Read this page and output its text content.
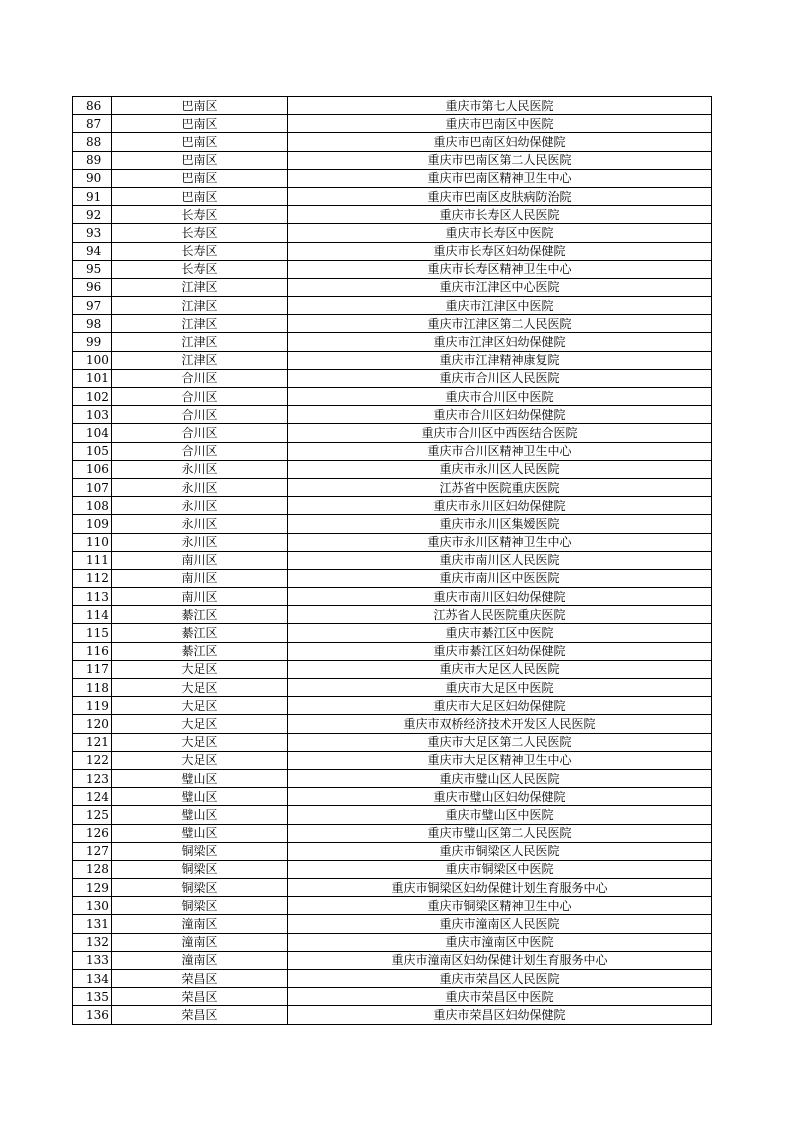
86	巴南区	重庆市第七人民医院
87	巴南区	重庆市巴南区中医院
88	巴南区	重庆市巴南区妇幼保健院
89	巴南区	重庆市巴南区第二人民医院
90	巴南区	重庆市巴南区精神卫生中心
91	巴南区	重庆市巴南区皮肤病防治院
92	长寿区	重庆市长寿区人民医院
93	长寿区	重庆市长寿区中医院
94	长寿区	重庆市长寿区妇幼保健院
95	长寿区	重庆市长寿区精神卫生中心
96	江津区	重庆市江津区中心医院
97	江津区	重庆市江津区中医院
98	江津区	重庆市江津区第二人民医院
99	江津区	重庆市江津区妇幼保健院
100	江津区	重庆市江津精神康复院
101	合川区	重庆市合川区人民医院
102	合川区	重庆市合川区中医院
103	合川区	重庆市合川区妇幼保健院
104	合川区	重庆市合川区中西医结合医院
105	合川区	重庆市合川区精神卫生中心
106	永川区	重庆市永川区人民医院
107	永川区	江苏省中医院重庆医院
108	永川区	重庆市永川区妇幼保健院
109	永川区	重庆市永川区集嫒医院
110	永川区	重庆市永川区精神卫生中心
111	南川区	重庆市南川区人民医院
112	南川区	重庆市南川区中医医院
113	南川区	重庆市南川区妇幼保健院
114	綦江区	江苏省人民医院重庆医院
115	綦江区	重庆市綦江区中医院
116	綦江区	重庆市綦江区妇幼保健院
117	大足区	重庆市大足区人民医院
118	大足区	重庆市大足区中医院
119	大足区	重庆市大足区妇幼保健院
120	大足区	重庆市双桥经济技术开发区人民医院
121	大足区	重庆市大足区第二人民医院
122	大足区	重庆市大足区精神卫生中心
123	璧山区	重庆市璧山区人民医院
124	璧山区	重庆市璧山区妇幼保健院
125	璧山区	重庆市璧山区中医院
126	璧山区	重庆市璧山区第二人民医院
127	铜梁区	重庆市铜梁区人民医院
128	铜梁区	重庆市铜梁区中医院
129	铜梁区	重庆市铜梁区妇幼保健计划生育服务中心
130	铜梁区	重庆市铜梁区精神卫生中心
131	潼南区	重庆市潼南区人民医院
132	潼南区	重庆市潼南区中医院
133	潼南区	重庆市潼南区妇幼保健计划生育服务中心
134	荣昌区	重庆市荣昌区人民医院
135	荣昌区	重庆市荣昌区中医院
136	荣昌区	重庆市荣昌区妇幼保健院
